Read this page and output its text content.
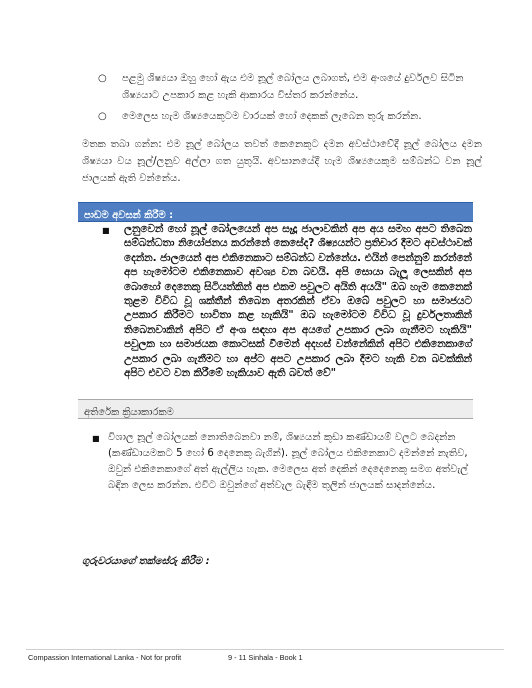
○ පළමු ශිෂ්‍යයා ඔහු හෝ ඇය එම නූල් බෝලය ලබාගත්, එම අංශයේ දුර්වලව සිටින ශිෂ්‍යයාට උපකාර කළ හැකි ආකාරය විස්තර කරන්නේය.
○ මෙලෙස හැම ශිෂ්‍යයෙකුටම වාරයක් හෝ දෙකක් ලැබෙන තුරු කරන්න.
මතක තබා ගන්න: එම නූල් බෝලය තවත් කෙනෙකුට දමන අවස්ථාවේදී නූල් බෝලය දමන ශිෂ්‍යයා වය නූල්/ලනුව අල්ලා ගත යුතුයි. අවසානයේදී හැම ශිෂ්‍යයෙකුම සම්බන්ධ වන නූල් ජාලයක් ඇති වන්නේය.
පාඩම අවසන් කිරීම :
■ ලනුවෙන් හෝ නූල් බෝලයෙන් අප සෑදූ ජාලාවකින් අප අය සමහ අපට තිබෙන සම්බන්ධතා නියෝජනය කරන්නේ කෙසේද? ශිෂ්‍යයන්ට ප්‍රතිචාර දීමට අවස්ථාවක් දෙන්න. ජාලයෙන් අප එකිනෙකාට සම්බන්ධ වන්නේය. එයින් පෙන්නුම් කරන්නේ අප හැමෝටම එකිනෙකාව අවශ්‍ය වන බවයි. අපි සොයා බැලූ ලෙසකින් අප බොහෝ දෙනෙකු සිටියත්කින් අප එකම පවුලට අයිති අයයි" ඔබ හැම කෙනෙක් තුළම විවිධ වූ ශක්තීන් තිබෙන අතරකින් ඒවා ඔබේ පවුලට හා සමාජයට උපකාර කිරීමට භාවිතා කළ හැකියි" ඔබ හැමෝටම විවිධ වූ දුර්වලතාකින් තිබෙනවාකින් අපිට ඒ අංශ සඳහා අප අයගේ උපකාර ලබා ගැනීමට හැකියි" පවුලක හා සමාජයක කොටසක් වීමෙන් අදහස් වන්නේකින් අපිට එකිනෙකාගේ උපකාර ලබා ගැනීමට හා අප්ට අපට උපකාර ලබා දීමට හැකි වන බවක්කින් අපිට එවට වන කිරීමේ හැකියාව ඇති බවත් වේ"
අතිරේක ක්‍රියාකාරකම
■ විශාල නූල් බෝලයක් නොතිබෙනවා නම්, ශිෂ්‍යයන් කුඩා කණ්ඩායම් වලට බෙදන්න (කණ්ඩායමකට 5 හෝ 6 දෙනෙකු බැගින්). නූල් බෝලය එකිනෙකාට දමන්නේ නැතිව, ඔවුන් එකිනෙකාගේ අත් ඇල්ලිය හැක. මෙලෙස අත් දෙකින් දෙදෙනෙකු සමග අත්වැල් බඳින ලෙස කරන්න. එවිට ඔවුන්ගේ අත්වැල බැඳීම තුලින් ජාලයක් සාදන්නේය.
ගුරුවරයාගේ තක්සේරු කිරීම :
Compassion International Lanka - Not for profit	9 - 11 Sinhala - Book 1
